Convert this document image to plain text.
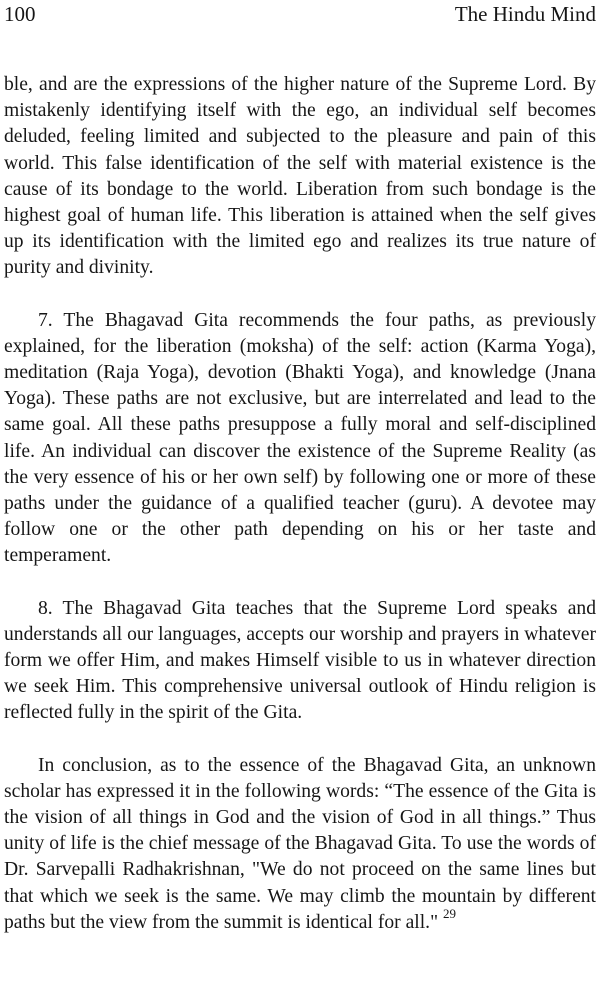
100	The Hindu Mind

ble, and are the expressions of the higher nature of the Supreme Lord. By mistakenly identifying itself with the ego, an individual self becomes deluded, feeling limited and subjected to the pleasure and pain of this world. This false identification of the self with material existence is the cause of its bondage to the world. Liberation from such bondage is the highest goal of human life. This liberation is attained when the self gives up its identification with the limited ego and realizes its true nature of purity and divinity.

7. The Bhagavad Gita recommends the four paths, as previously explained, for the liberation (moksha) of the self: action (Karma Yoga), meditation (Raja Yoga), devotion (Bhakti Yoga), and knowledge (Jnana Yoga). These paths are not exclusive, but are interrelated and lead to the same goal. All these paths presuppose a fully moral and self-disciplined life. An individual can discover the existence of the Supreme Reality (as the very essence of his or her own self) by following one or more of these paths under the guidance of a qualified teacher (guru). A devotee may follow one or the other path depending on his or her taste and temperament.

8. The Bhagavad Gita teaches that the Supreme Lord speaks and understands all our languages, accepts our worship and prayers in whatever form we offer Him, and makes Himself visible to us in whatever direction we seek Him. This comprehensive universal outlook of Hindu religion is reflected fully in the spirit of the Gita.

In conclusion, as to the essence of the Bhagavad Gita, an unknown scholar has expressed it in the following words: “The essence of the Gita is the vision of all things in God and the vision of God in all things.” Thus unity of life is the chief message of the Bhagavad Gita. To use the words of Dr. Sarvepalli Radhakrishnan, "We do not proceed on the same lines but that which we seek is the same. We may climb the mountain by different paths but the view from the summit is identical for all." $^{29}$
